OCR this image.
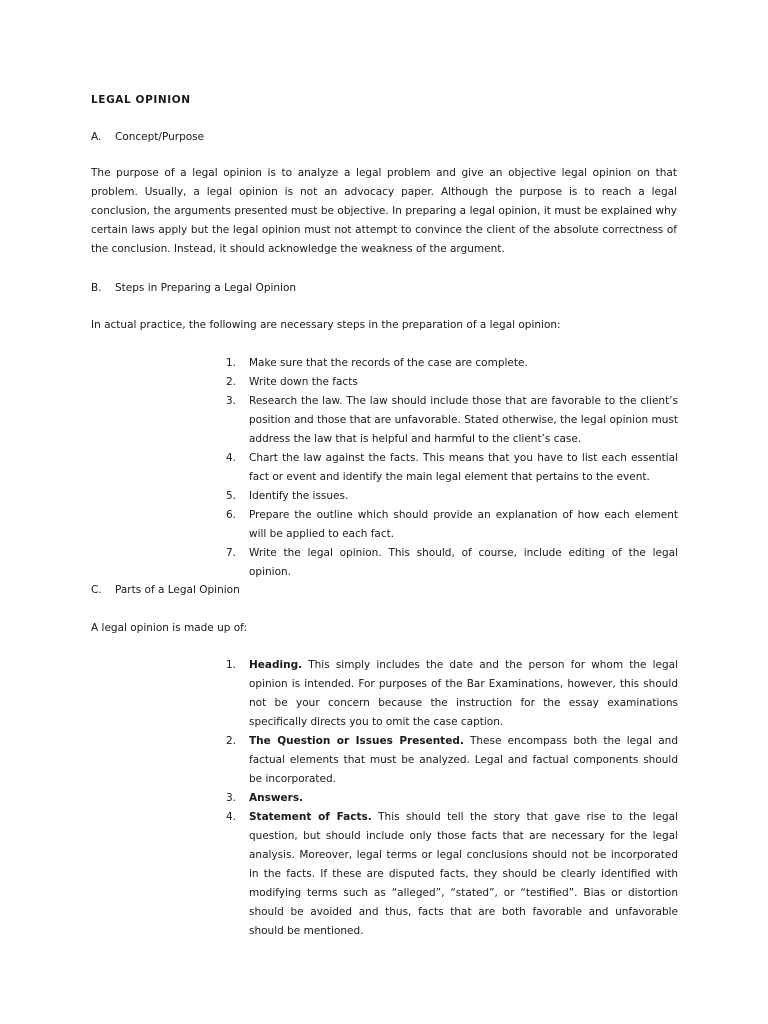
LEGAL OPINION
A. Concept/Purpose

The purpose of a legal opinion is to analyze a legal problem and give an objective legal opinion on that problem. Usually, a legal opinion is not an advocacy paper. Although the purpose is to reach a legal conclusion, the arguments presented must be objective. In preparing a legal opinion, it must be explained why certain laws apply but the legal opinion must not attempt to convince the client of the absolute correctness of the conclusion. Instead, it should acknowledge the weakness of the argument.

B. Steps in Preparing a Legal Opinion

In actual practice, the following are necessary steps in the preparation of a legal opinion:

1. Make sure that the records of the case are complete.
2. Write down the facts
3. Research the law. The law should include those that are favorable to the client’s position and those that are unfavorable. Stated otherwise, the legal opinion must address the law that is helpful and harmful to the client’s case.
4. Chart the law against the facts. This means that you have to list each essential fact or event and identify the main legal element that pertains to the event.
5. Identify the issues.
6. Prepare the outline which should provide an explanation of how each element will be applied to each fact.
7. Write the legal opinion. This should, of course, include editing of the legal opinion.
C. Parts of a Legal Opinion

A legal opinion is made up of:

1. Heading. This simply includes the date and the person for whom the legal opinion is intended. For purposes of the Bar Examinations, however, this should not be your concern because the instruction for the essay examinations specifically directs you to omit the case caption.
2. The Question or Issues Presented. These encompass both the legal and factual elements that must be analyzed. Legal and factual components should be incorporated.
3. Answers.
4. Statement of Facts. This should tell the story that gave rise to the legal question, but should include only those facts that are necessary for the legal analysis. Moreover, legal terms or legal conclusions should not be incorporated in the facts. If these are disputed facts, they should be clearly identified with modifying terms such as “alleged”, “stated”, or “testified”. Bias or distortion should be avoided and thus, facts that are both favorable and unfavorable should be mentioned.
